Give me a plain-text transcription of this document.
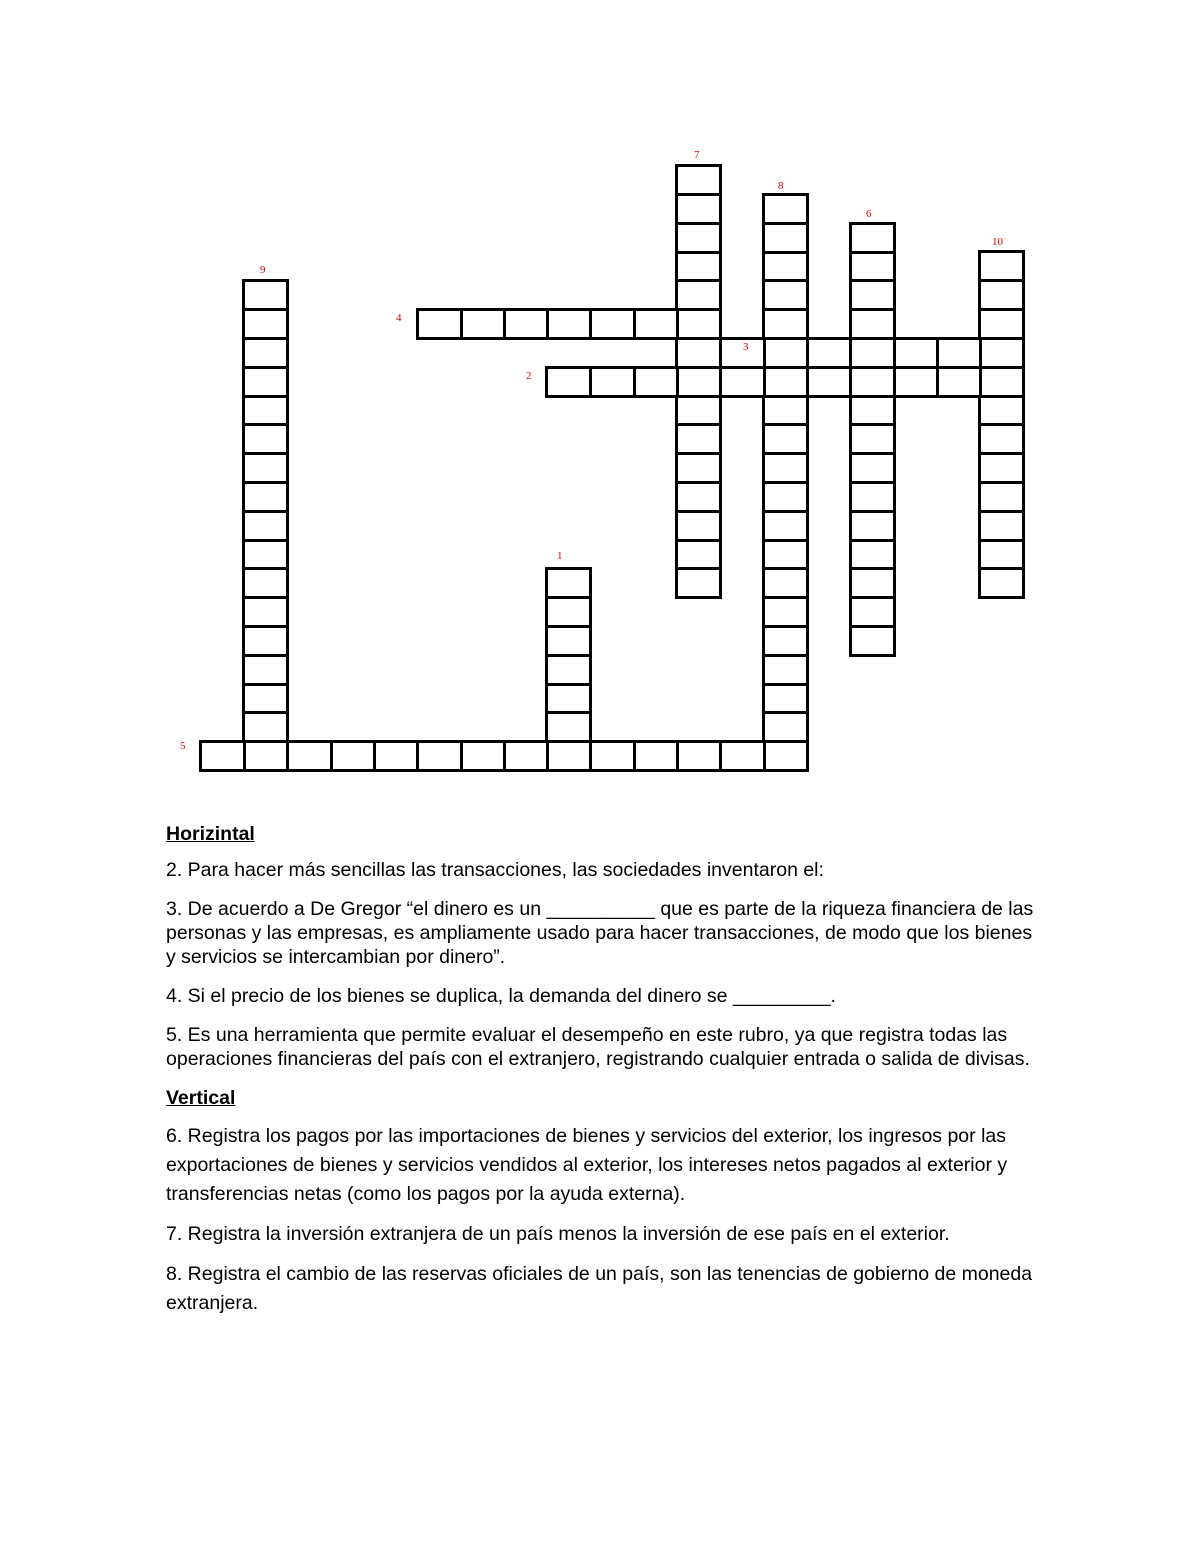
7
8
6
10
9
4
3
2
1
5
Horizintal

2. Para hacer más sencillas las transacciones, las sociedades inventaron el:

3. De acuerdo a De Gregor “el dinero es un __________ que es parte de la riqueza financiera de las personas y las empresas, es ampliamente usado para hacer transacciones, de modo que los bienes y servicios se intercambian por dinero”.

4. Si el precio de los bienes se duplica, la demanda del dinero se _________.

5. Es una herramienta que permite evaluar el desempeño en este rubro, ya que registra todas las operaciones financieras del país con el extranjero, registrando cualquier entrada o salida de divisas.

Vertical

6. Registra los pagos por las importaciones de bienes y servicios del exterior, los ingresos por las exportaciones de bienes y servicios vendidos al exterior, los intereses netos pagados al exterior y transferencias netas (como los pagos por la ayuda externa).

7. Registra la inversión extranjera de un país menos la inversión de ese país en el exterior.

8. Registra el cambio de las reservas oficiales de un país, son las tenencias de gobierno de moneda extranjera.
